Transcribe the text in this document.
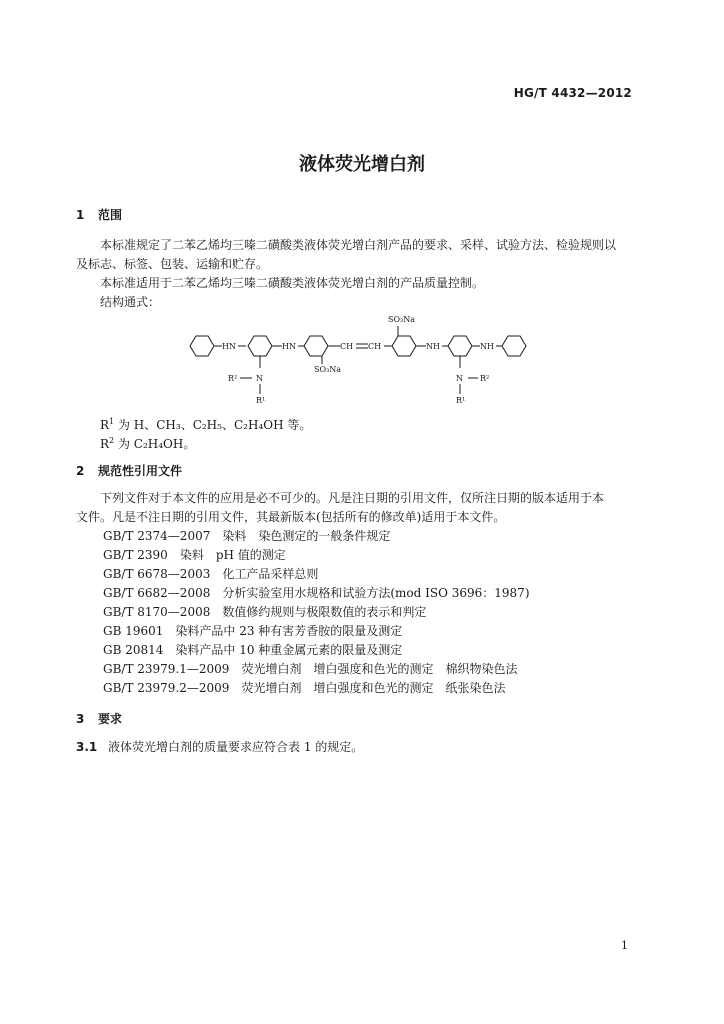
HG/T 4432—2012
液体荧光增白剂
1 范围
本标准规定了二苯乙烯均三嗪二磺酸类液体荧光增白剂产品的要求、采样、试验方法、检验规则以
及标志、标签、包装、运输和贮存。
本标准适用于二苯乙烯均三嗪二磺酸类液体荧光增白剂的产品质量控制。
结构通式：
HN	HN	CH CH	NH	NH
SO₃Na
SO₃Na
N	N
R²	R²
R¹	R¹
$R^1$ 为 H、CH₃、C₂H₅、C₂H₄OH 等。
$R^2$ 为 C₂H₄OH。
2 规范性引用文件
下列文件对于本文件的应用是必不可少的。凡是注日期的引用文件，仅所注日期的版本适用于本
文件。凡是不注日期的引用文件，其最新版本(包括所有的修改单)适用于本文件。
GB/T 2374—2007 染料　染色测定的一般条件规定
GB/T 2390 染料　pH 值的测定
GB/T 6678—2003 化工产品采样总则
GB/T 6682—2008 分析实验室用水规格和试验方法(mod ISO 3696：1987)
GB/T 8170—2008 数值修约规则与极限数值的表示和判定
GB 19601 染料产品中 23 种有害芳香胺的限量及测定
GB 20814 染料产品中 10 种重金属元素的限量及测定
GB/T 23979.1—2009 荧光增白剂　增白强度和色光的测定　棉织物染色法
GB/T 23979.2—2009 荧光增白剂　增白强度和色光的测定　纸张染色法
3 要求
3.1 液体荧光增白剂的质量要求应符合表 1 的规定。
1
